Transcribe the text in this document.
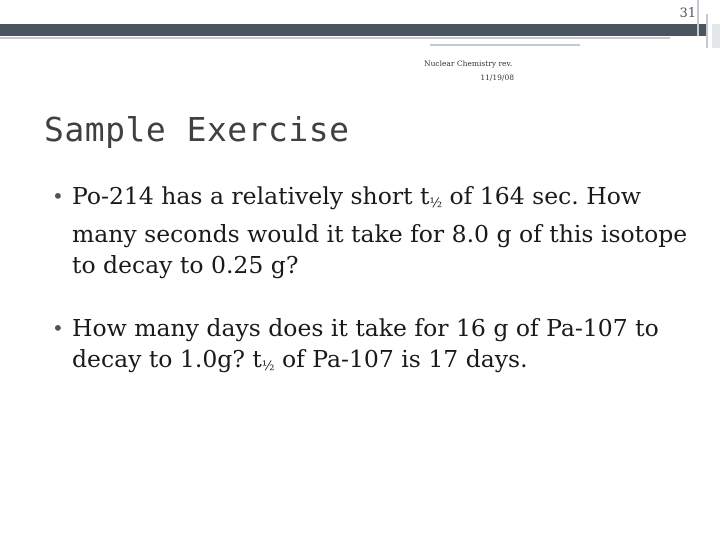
31
Nuclear Chemistry rev.
11/19/08
Sample Exercise
• Po-214 has a relatively short $t_{\frac{1}{2}}$ of 164 sec. How many seconds would it take for 8.0 g of this isotope to decay to 0.25 g?
• How many days does it take for 16 g of Pa-107 to decay to 1.0g? $t_{\frac{1}{2}}$ of Pa-107 is 17 days.
